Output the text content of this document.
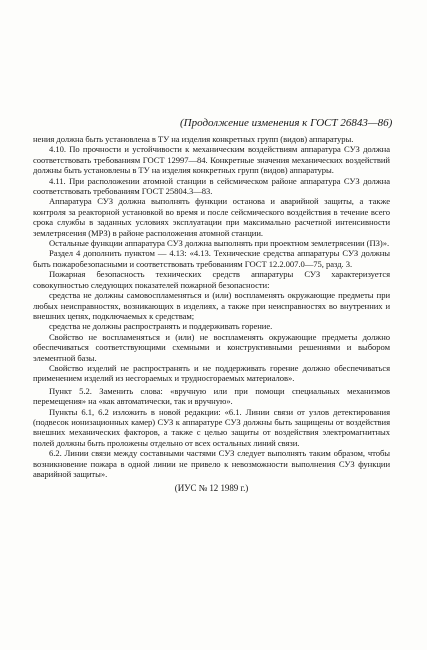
(Продолжение изменения к ГОСТ 26843—86)

нения должна быть установлена в ТУ на изделия конкретных групп (видов) аппаратуры.

4.10. По прочности и устойчивости к механическим воздействиям аппаратура СУЗ должна соответствовать требованиям ГОСТ 12997—84. Конкретные значения механических воздействий должны быть установлены в ТУ на изделия конкретных групп (видов) аппаратуры.

4.11. При расположении атомной станции в сейсмическом районе аппаратура СУЗ должна соответствовать требованиям ГОСТ 25804.3—83.

Аппаратура СУЗ должна выполнять функции останова и аварийной защиты, а также контроля за реакторной установкой во время и после сейсмического воздействия в течение всего срока службы в заданных условиях эксплуатации при максимально расчетной интенсивности землетрясения (МРЗ) в районе расположения атомной станции.

Остальные функции аппаратура СУЗ должна выполнять при проектном землетрясении (ПЗ)».

Раздел 4 дополнить пунктом — 4.13: «4.13. Технические средства аппаратуры СУЗ должны быть пожаробезопасными и соответствовать требованиям ГОСТ 12.2.007.0—75, разд. 3.

Пожарная безопасность технических средств аппаратуры СУЗ характеризуется совокупностью следующих показателей пожарной безопасности:

средства не должны самовоспламеняться и (или) воспламенять окружающие предметы при любых неисправностях, возникающих в изделиях, а также при неисправностях во внутренних и внешних цепях, подключаемых к средствам;

средства не должны распространять и поддерживать горение.

Свойство не воспламеняться и (или) не воспламенять окружающие предметы должно обеспечиваться соответствующими схемными и конструктивными решениями и выбором элементной базы.

Свойство изделий не распространять и не поддерживать горение должно обеспечиваться применением изделий из несгораемых и трудносгораемых материалов».

Пункт 5.2. Заменить слова: «вручную или при помощи специальных механизмов перемещения» на «как автоматически, так и вручную».

Пункты 6.1, 6.2 изложить в новой редакции: «6.1. Линии связи от узлов детектирования (подвесок ионизационных камер) СУЗ к аппаратуре СУЗ должны быть защищены от воздействия внешних механических факторов, а также с целью защиты от воздействия электромагнитных полей должны быть проложены отдельно от всех остальных линий связи.

6.2. Линии связи между составными частями СУЗ следует выполнять таким образом, чтобы возникновение пожара в одной линии не привело к невозможности выполнения СУЗ функции аварийной защиты».

(ИУС № 12 1989 г.)
